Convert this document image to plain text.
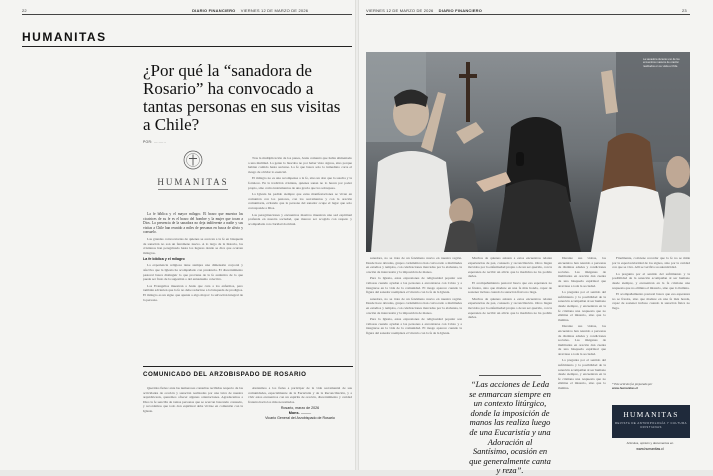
22	DIARIO FINANCIERO VIERNES 12 DE MARZO DE 2026	VIERNES 12 DE MARZO DE 2026 DIARIO FINANCIERO	23
HUMANITAS
¿Por qué la “sanadora de Rosario” ha convocado a tantas personas en sus visitas a Chile?
POR: ..........
HUMANITAS

La fe bíblica y el mayor milagro. El brazo que muestra las cicatrices de su fe es el brazo del hombre y la mujer que tocan a Dios. La presencia de la sanadora no deja indiferente a nadie y sus visitas a Chile han reunido a miles de personas en busca de alivio y consuelo.

Las grandes convocatorias de quienes se acercan a la fe en búsqueda de sanación no son un fenómeno nuevo. A lo largo de la historia, los cristianos han peregrinado hasta los lugares donde se dice que ocurren milagros.

La fe bíblica y el milagro

La experiencia religiosa tiene siempre una dimensión corporal y afectiva que la Iglesia ha acompañado con prudencia. El discernimiento pastoral busca distinguir lo que proviene de la fe auténtica de lo que puede ser fruto de la sugestión o del entusiasmo colectivo.

Los Evangelios muestran a Jesús que cura a los enfermos, pero también advierten que la fe no debe reducirse a la búsqueda de prodigios. El milagro es un signo que apunta a algo mayor: la salvación integral de la persona.

Tras la multiplicación de los panes, Jesús comentó que había alimentado a una multitud. La gente lo buscaba no por haber visto signos, sino porque habían comido hasta saciarse. La fe que busca solo lo inmediato corre el riesgo de olvidar lo esencial.

El milagro no es una recompensa a la fe, sino un don que la suscita y la fortalece. En la tradición cristiana, quienes sanan no lo hacen por poder propio, sino como instrumentos de una gracia que los sobrepasa.

La Iglesia ha pedido siempre que estas manifestaciones se vivan en comunión con los pastores, con los sacramentos y con la oración comunitaria, evitando que la persona del sanador ocupe el lugar que solo corresponde a Dios.

Las peregrinaciones y encuentros masivos muestran una sed espiritual profunda en nuestra sociedad, que merece ser acogida con respeto y acompañada con claridad doctrinal.

COMUNICADO DEL ARZOBISPADO DE ROSARIO

Queridos fieles: ante las numerosas consultas recibidas respecto de las actividades de oración y sanación realizadas por una laica de nuestra arquidiócesis, queremos ofrecer algunas orientaciones. Agradecemos a Dios la fe sencilla de tantas personas que se acercan buscando consuelo, y recordamos que todo don espiritual debe vivirse en comunión con la Iglesia.

Alentamos a los fieles a participar de la vida sacramental de sus comunidades, especialmente de la Eucaristía y de la Reconciliación, y a vivir estos encuentros con un espíritu de oración, discernimiento y caridad fraterna hacia los más necesitados.

Rosario, marzo de 2026
Mons. ..........
Vicario General del Arzobispado de Rosario
La sanadora durante uno de los encuentros masivos de oración realizados en su visita a Chile.

sanadora, no se trata de un fenómeno nuevo en nuestra región. Desde hace décadas, grupos carismáticos han convocado a multitudes en estadios y templos, con celebraciones marcadas por la alabanza, la oración de intercesión y la imposición de manos.

Para la Iglesia, estas expresiones de religiosidad popular son valiosas cuando ayudan a las personas a encontrarse con Cristo y a integrarse en la vida de la comunidad. El riesgo aparece cuando la figura del sanador reemplaza el vínculo con la fe de la Iglesia.

sanadora, no se trata de un fenómeno nuevo en nuestra región. Desde hace décadas, grupos carismáticos han convocado a multitudes en estadios y templos, con celebraciones marcadas por la alabanza, la oración de intercesión y la imposición de manos.

Para la Iglesia, estas expresiones de religiosidad popular son valiosas cuando ayudan a las personas a encontrarse con Cristo y a integrarse en la vida de la comunidad. El riesgo aparece cuando la figura del sanador reemplaza el vínculo con la fe de la Iglesia.

Muchos de quienes asisten a estos encuentros relatan experiencias de paz, consuelo y reconciliación. Otros llegan movidos por la enfermedad propia o de un ser querido, con la esperanza de recibir un alivio que la medicina no ha podido darles.

El acompañamiento pastoral busca que esa esperanza no se frustre, sino que madure en una fe más honda, capaz de sostener incluso cuando la sanación física no llega.

Muchos de quienes asisten a estos encuentros relatan experiencias de paz, consuelo y reconciliación. Otros llegan movidos por la enfermedad propia o de un ser querido, con la esperanza de recibir un alivio que la medicina no ha podido darles.

“Las acciones de Leda se enmarcan siempre en un contexto litúrgico, donde la imposición de manos las realiza luego de una Eucaristía y una Adoración al Santísimo, ocasión en que generalmente canta y reza”.

Durante sus visitas, los encuentros han reunido a personas de distintas edades y condiciones sociales. Las imágenes de multitudes en oración dan cuenta de una búsqueda espiritual que atraviesa a toda la sociedad.

La pregunta por el sentido del sufrimiento y la posibilidad de la sanación acompañan al ser humano desde siempre, y encuentran en la fe cristiana una respuesta que no elimina el misterio, sino que lo ilumina.

Durante sus visitas, los encuentros han reunido a personas de distintas edades y condiciones sociales. Las imágenes de multitudes en oración dan cuenta de una búsqueda espiritual que atraviesa a toda la sociedad.

La pregunta por el sentido del sufrimiento y la posibilidad de la sanación acompañan al ser humano desde siempre, y encuentran en la fe cristiana una respuesta que no elimina el misterio, sino que lo ilumina.

Finalmente, conviene recordar que la fe no se mide por la espectacularidad de los signos, sino por la caridad con que se vive. Allí se verifica su autenticidad.

La pregunta por el sentido del sufrimiento y la posibilidad de la sanación acompañan al ser humano desde siempre, y encuentran en la fe cristiana una respuesta que no elimina el misterio, sino que lo ilumina.

El acompañamiento pastoral busca que esa esperanza no se frustre, sino que madure en una fe más honda, capaz de sostener incluso cuando la sanación física no llega.

* Este artículo fue preparado por
www.humanitas.cl
HUMANITAS
REVISTA DE ANTROPOLOGÍA Y CULTURA CRISTIANAS
Artículos, opinión y documentos en
www.humanitas.cl
